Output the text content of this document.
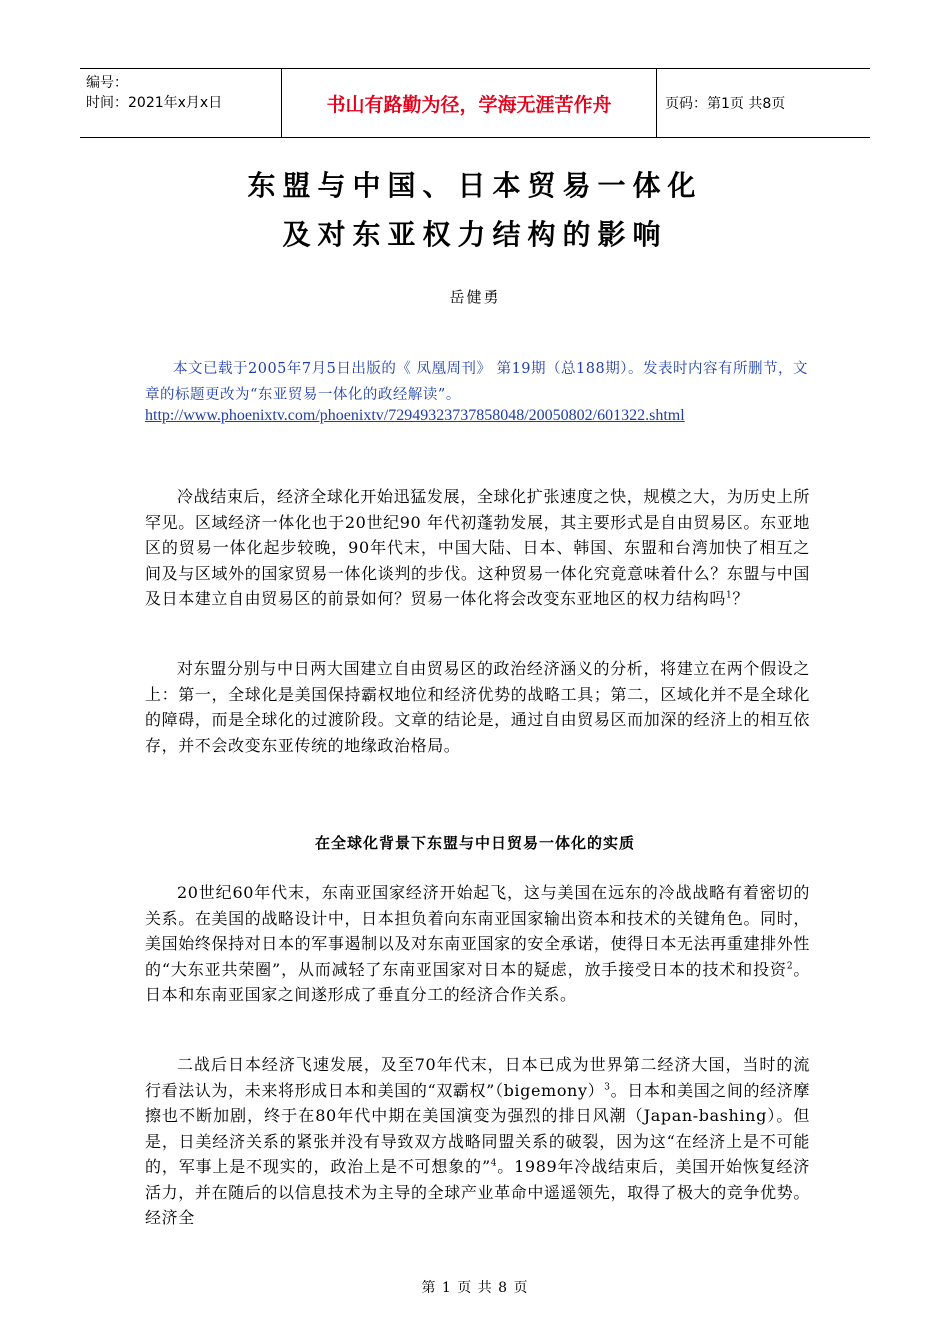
编号：
时间：2021年x月x日	书山有路勤为径，学海无涯苦作舟	页码：第1页 共8页
东盟与中国、日本贸易一体化
及对东亚权力结构的影响
岳健勇
本文已载于2005年7月5日出版的《 凤凰周刊》 第19期（总188期）。发表时内容有所删节，文章的标题更改为“东亚贸易一体化的政经解读”。
http://www.phoenixtv.com/phoenixtv/72949323737858048/20050802/601322.shtml
冷战结束后，经济全球化开始迅猛发展，全球化扩张速度之快，规模之大，为历史上所罕见。区域经济一体化也于20世纪90 年代初蓬勃发展，其主要形式是自由贸易区。东亚地区的贸易一体化起步较晚，90年代末，中国大陆、日本、韩国、东盟和台湾加快了相互之间及与区域外的国家贸易一体化谈判的步伐。这种贸易一体化究竟意味着什么？东盟与中国及日本建立自由贸易区的前景如何？贸易一体化将会改变东亚地区的权力结构吗$^1$？
对东盟分别与中日两大国建立自由贸易区的政治经济涵义的分析，将建立在两个假设之上：第一，全球化是美国保持霸权地位和经济优势的战略工具；第二，区域化并不是全球化的障碍，而是全球化的过渡阶段。文章的结论是，通过自由贸易区而加深的经济上的相互依存，并不会改变东亚传统的地缘政治格局。
在全球化背景下东盟与中日贸易一体化的实质
20世纪60年代末，东南亚国家经济开始起飞，这与美国在远东的冷战战略有着密切的关系。在美国的战略设计中，日本担负着向东南亚国家输出资本和技术的关键角色。同时，美国始终保持对日本的军事遏制以及对东南亚国家的安全承诺，使得日本无法再重建排外性的“大东亚共荣圈”，从而减轻了东南亚国家对日本的疑虑，放手接受日本的技术和投资$^2$。日本和东南亚国家之间遂形成了垂直分工的经济合作关系。
二战后日本经济飞速发展，及至70年代末，日本已成为世界第二经济大国，当时的流行看法认为，未来将形成日本和美国的“双霸权”（bigemony）$^3$。日本和美国之间的经济摩擦也不断加剧，终于在80年代中期在美国演变为强烈的排日风潮（Japan-bashing）。但是，日美经济关系的紧张并没有导致双方战略同盟关系的破裂，因为这“在经济上是不可能的，军事上是不现实的，政治上是不可想象的”$^4$。1989年冷战结束后，美国开始恢复经济活力，并在随后的以信息技术为主导的全球产业革命中遥遥领先，取得了极大的竞争优势。经济全
第 1 页 共 8 页
